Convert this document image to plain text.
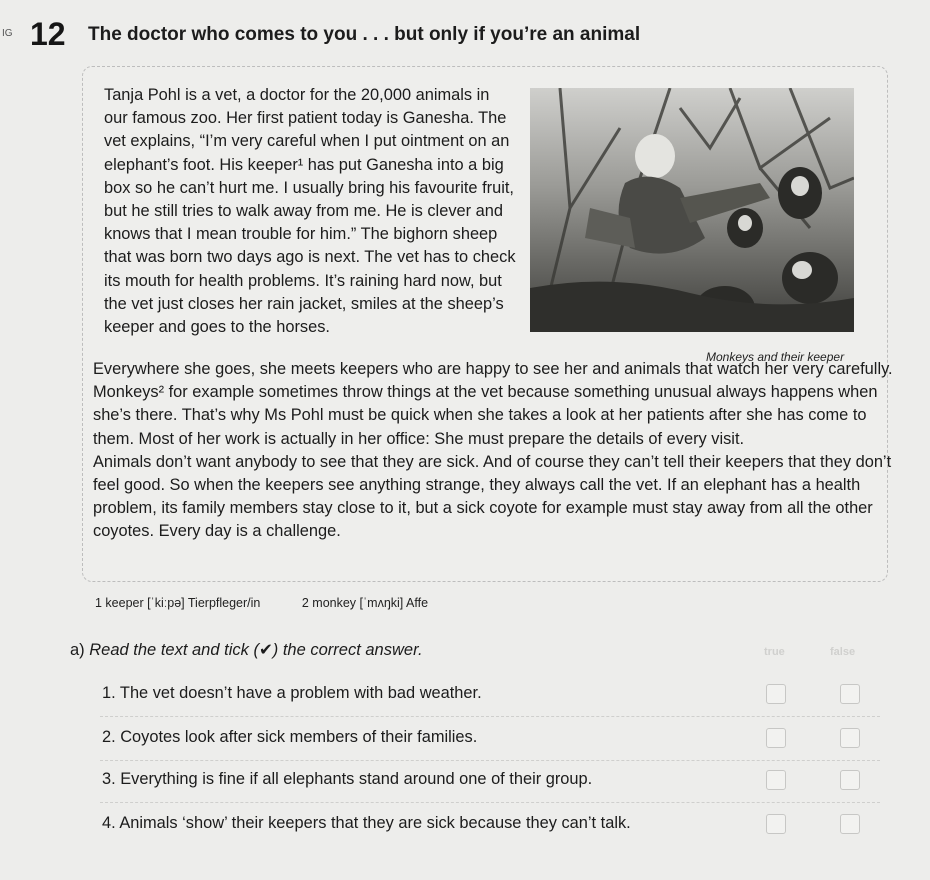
IG 12 The doctor who comes to you . . . but only if you’re an animal

Tanja Pohl is a vet, a doctor for the 20,000 animals in our famous zoo. Her first patient today is Ganesha. The vet explains, “I’m very careful when I put ointment on an elephant’s foot. His keeper¹ has put Ganesha into a big box so he can’t hurt me. I usually bring his favourite fruit, but he still tries to walk away from me. He is clever and knows that I mean trouble for him.” The bighorn sheep that was born two days ago is next. The vet has to check its mouth for health problems. It’s raining hard now, but the vet just closes her rain jacket, smiles at the sheep’s keeper and goes to the horses.

Monkeys and their keeper

Everywhere she goes, she meets keepers who are happy to see her and animals that watch her very carefully. Monkeys² for example sometimes throw things at the vet because something unusual always happens when she’s there. That’s why Ms Pohl must be quick when she takes a look at her patients after she has come to them. Most of her work is actually in her office: She must prepare the details of every visit.
Animals don’t want anybody to see that they are sick. And of course they can’t tell their keepers that they don’t feel good. So when the keepers see anything strange, they always call the vet. If an elephant has a health problem, its family members stay close to it, but a sick coyote for example must stay away from all the other coyotes. Every day is a challenge.

1 keeper [ˈkiːpə] Tierpfleger/in	2 monkey [ˈmʌŋki] Affe
a) Read the text and tick (✔) the correct answer.	true	false
1. The vet doesn’t have a problem with bad weather.
2. Coyotes look after sick members of their families.
3. Everything is fine if all elephants stand around one of their group.
4. Animals ‘show’ their keepers that they are sick because they can’t talk.
